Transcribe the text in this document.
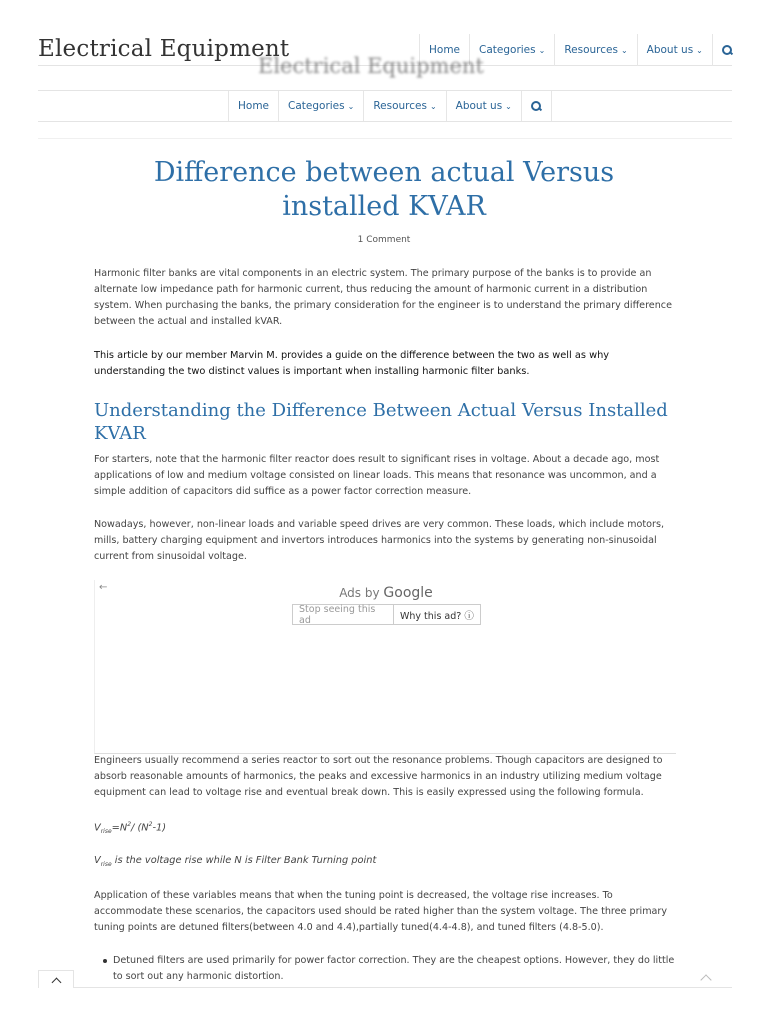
Electrical Equipment	Home Categories ⌄ Resources ⌄ About us ⌄
Electrical Equipment
Home Categories ⌄ Resources ⌄ About us ⌄
Difference between actual Versus installed KVAR
1 Comment

Harmonic filter banks are vital components in an electric system. The primary purpose of the banks is to provide an alternate low impedance path for harmonic current, thus reducing the amount of harmonic current in a distribution system. When purchasing the banks, the primary consideration for the engineer is to understand the primary difference between the actual and installed kVAR.

This article by our member Marvin M. provides a guide on the difference between the two as well as why understanding the two distinct values is important when installing harmonic filter banks.

Understanding the Difference Between Actual Versus Installed KVAR

For starters, note that the harmonic filter reactor does result to significant rises in voltage. About a decade ago, most applications of low and medium voltage consisted on linear loads. This means that resonance was uncommon, and a simple addition of capacitors did suffice as a power factor correction measure.

Nowadays, however, non-linear loads and variable speed drives are very common. These loads, which include motors, mills, battery charging equipment and invertors introduces harmonics into the systems by generating non-sinusoidal current from sinusoidal voltage.

←	Ads by Google
Stop seeing this ad	Why this ad? ⓘ

Engineers usually recommend a series reactor to sort out the resonance problems. Though capacitors are designed to absorb reasonable amounts of harmonics, the peaks and excessive harmonics in an industry utilizing medium voltage equipment can lead to voltage rise and eventual break down. This is easily expressed using the following formula.

$V_{rise}=N^2/$ $(N^2-1)$
$V_{rise}$ is the voltage rise while N is Filter Bank Turning point

Application of these variables means that when the tuning point is decreased, the voltage rise increases. To accommodate these scenarios, the capacitors used should be rated higher than the system voltage. The three primary tuning points are detuned filters(between 4.0 and 4.4),partially tuned(4.4-4.8), and tuned filters (4.8-5.0).

Detuned filters are used primarily for power factor correction. They are the cheapest options. However, they do little to sort out any harmonic distortion.
